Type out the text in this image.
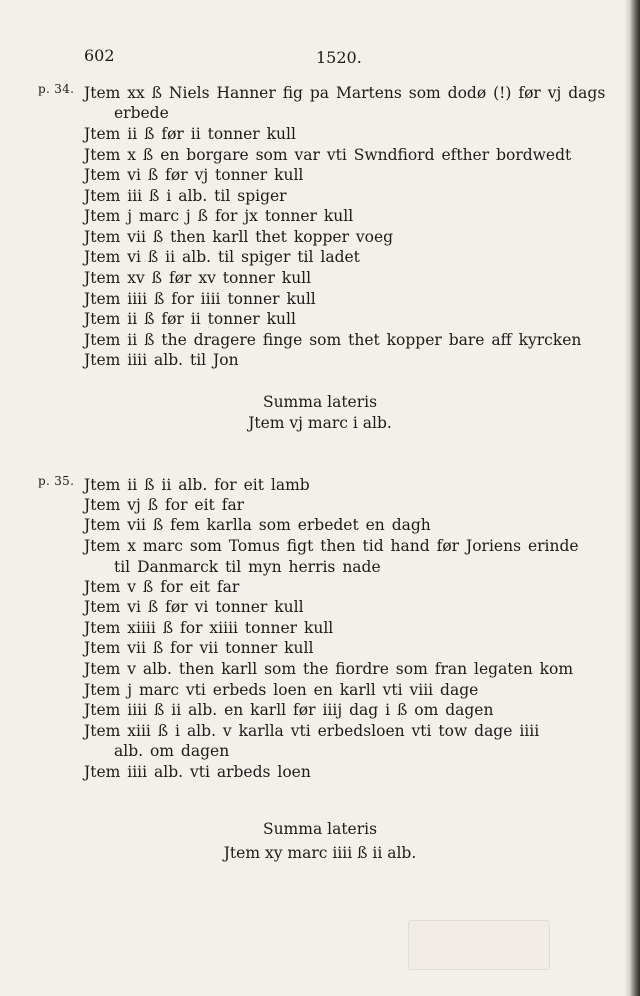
602	1520.
p. 34. Jtem xx ß Niels Hanner fig pa Martens som dodø (!) før vj dags
erbede
Jtem ii ß før ii tonner kull
Jtem x ß en borgare som var vti Swndfiord efther bordwedt
Jtem vi ß før vj tonner kull
Jtem iii ß i alb. til spiger
Jtem j marc j ß for jx tonner kull
Jtem vii ß then karll thet kopper voeg
Jtem vi ß ii alb. til spiger til ladet
Jtem xv ß før xv tonner kull
Jtem iiii ß for iiii tonner kull
Jtem ii ß før ii tonner kull
Jtem ii ß the dragere finge som thet kopper bare aff kyrcken
Jtem iiii alb. til Jon
Summa lateris
Jtem vj marc i alb.
p. 35. Jtem ii ß ii alb. for eit lamb
Jtem vj ß for eit far
Jtem vii ß fem karlla som erbedet en dagh
Jtem x marc som Tomus figt then tid hand før Joriens erinde
til Danmarck til myn herris nade
Jtem v ß for eit far
Jtem vi ß før vi tonner kull
Jtem xiiii ß for xiiii tonner kull
Jtem vii ß for vii tonner kull
Jtem v alb. then karll som the fiordre som fran legaten kom
Jtem j marc vti erbeds loen en karll vti viii dage
Jtem iiii ß ii alb. en karll før iiij dag i ß om dagen
Jtem xiii ß i alb. v karlla vti erbedsloen vti tow dage iiii
alb. om dagen
Jtem iiii alb. vti arbeds loen
Summa lateris
Jtem xy marc iiii ß ii alb.
